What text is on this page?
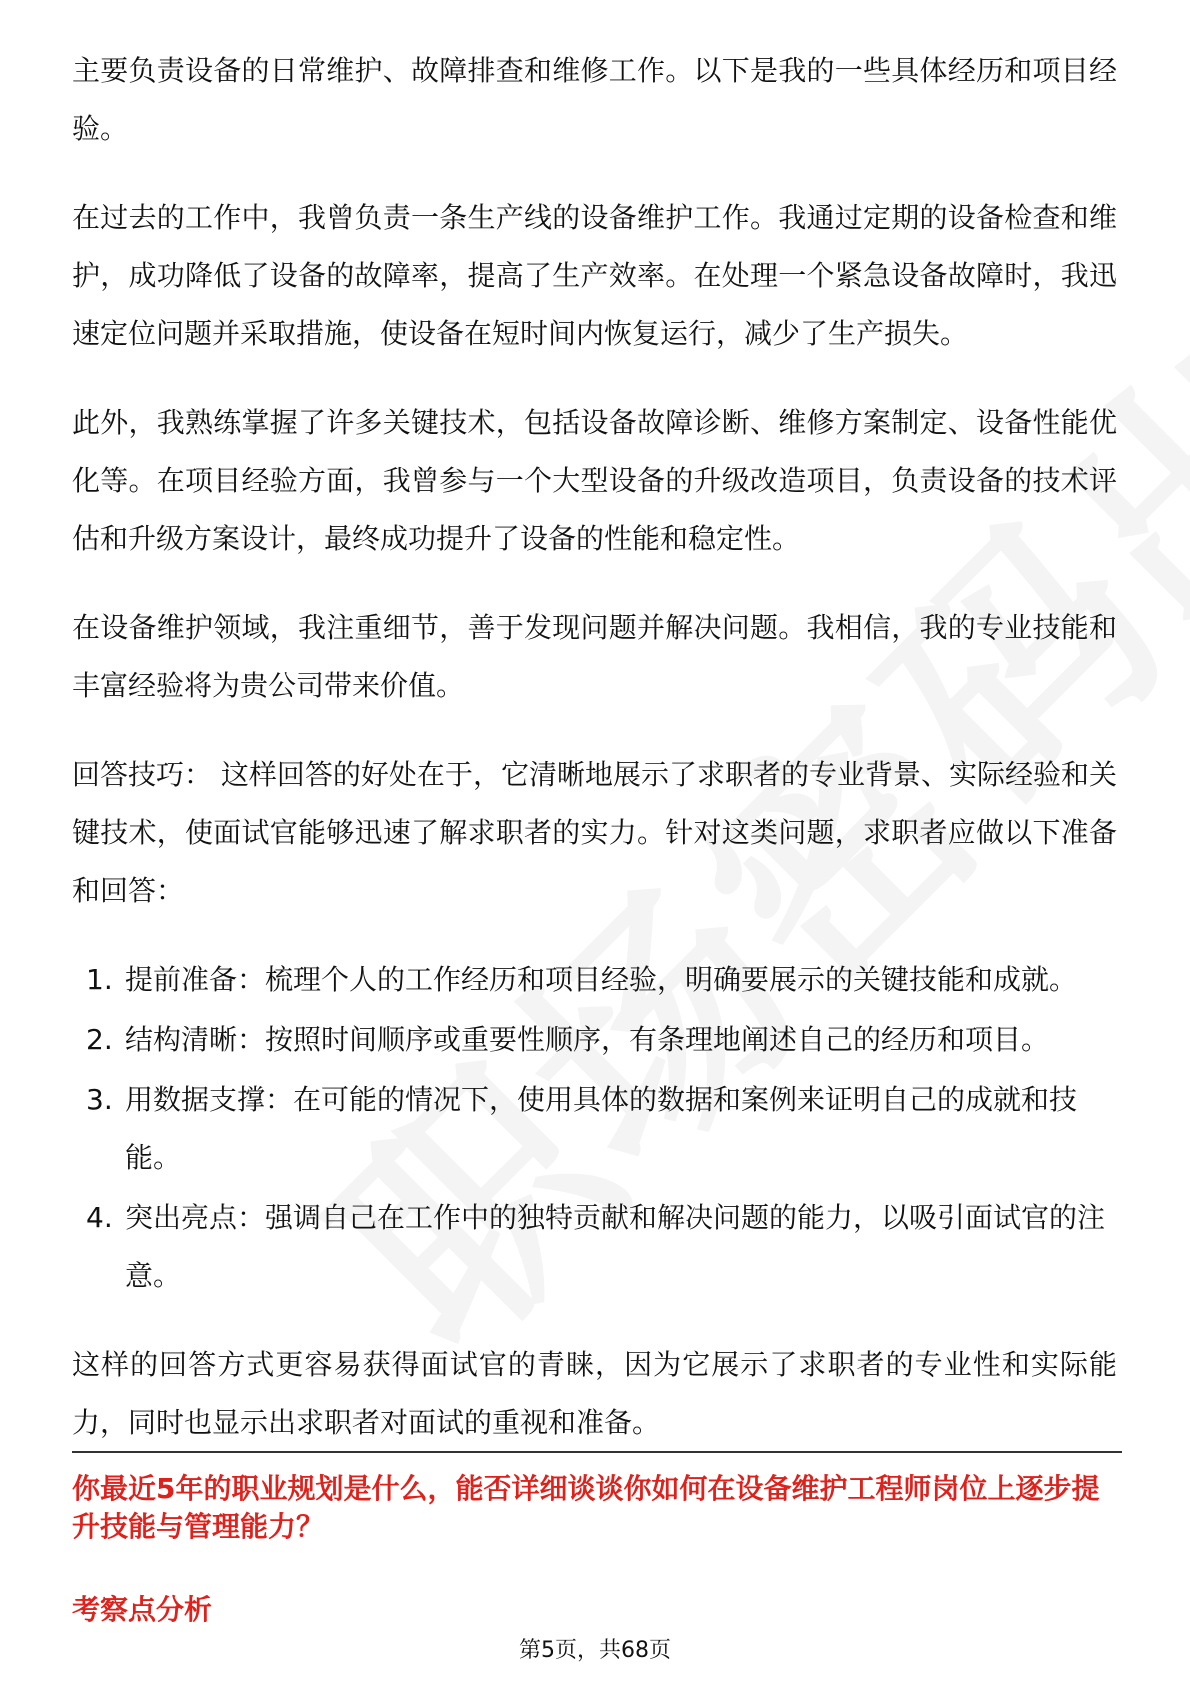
主要负责设备的日常维护、故障排查和维修工作。以下是我的一些具体经历和项目经验。

在过去的工作中，我曾负责一条生产线的设备维护工作。我通过定期的设备检查和维护，成功降低了设备的故障率，提高了生产效率。在处理一个紧急设备故障时，我迅速定位问题并采取措施，使设备在短时间内恢复运行，减少了生产损失。

此外，我熟练掌握了许多关键技术，包括设备故障诊断、维修方案制定、设备性能优化等。在项目经验方面，我曾参与一个大型设备的升级改造项目，负责设备的技术评估和升级方案设计，最终成功提升了设备的性能和稳定性。

在设备维护领域，我注重细节，善于发现问题并解决问题。我相信，我的专业技能和丰富经验将为贵公司带来价值。

回答技巧： 这样回答的好处在于，它清晰地展示了求职者的专业背景、实际经验和关键技术，使面试官能够迅速了解求职者的实力。针对这类问题，求职者应做以下准备和回答：

1. 提前准备：梳理个人的工作经历和项目经验，明确要展示的关键技能和成就。
2. 结构清晰：按照时间顺序或重要性顺序，有条理地阐述自己的经历和项目。
3. 用数据支撑：在可能的情况下，使用具体的数据和案例来证明自己的成就和技能。
4. 突出亮点：强调自己在工作中的独特贡献和解决问题的能力，以吸引面试官的注意。

这样的回答方式更容易获得面试官的青睐，因为它展示了求职者的专业性和实际能力，同时也显示出求职者对面试的重视和准备。

你最近5年的职业规划是什么，能否详细谈谈你如何在设备维护工程师岗位上逐步提升技能与管理能力？
考察点分析
第5页，共68页
